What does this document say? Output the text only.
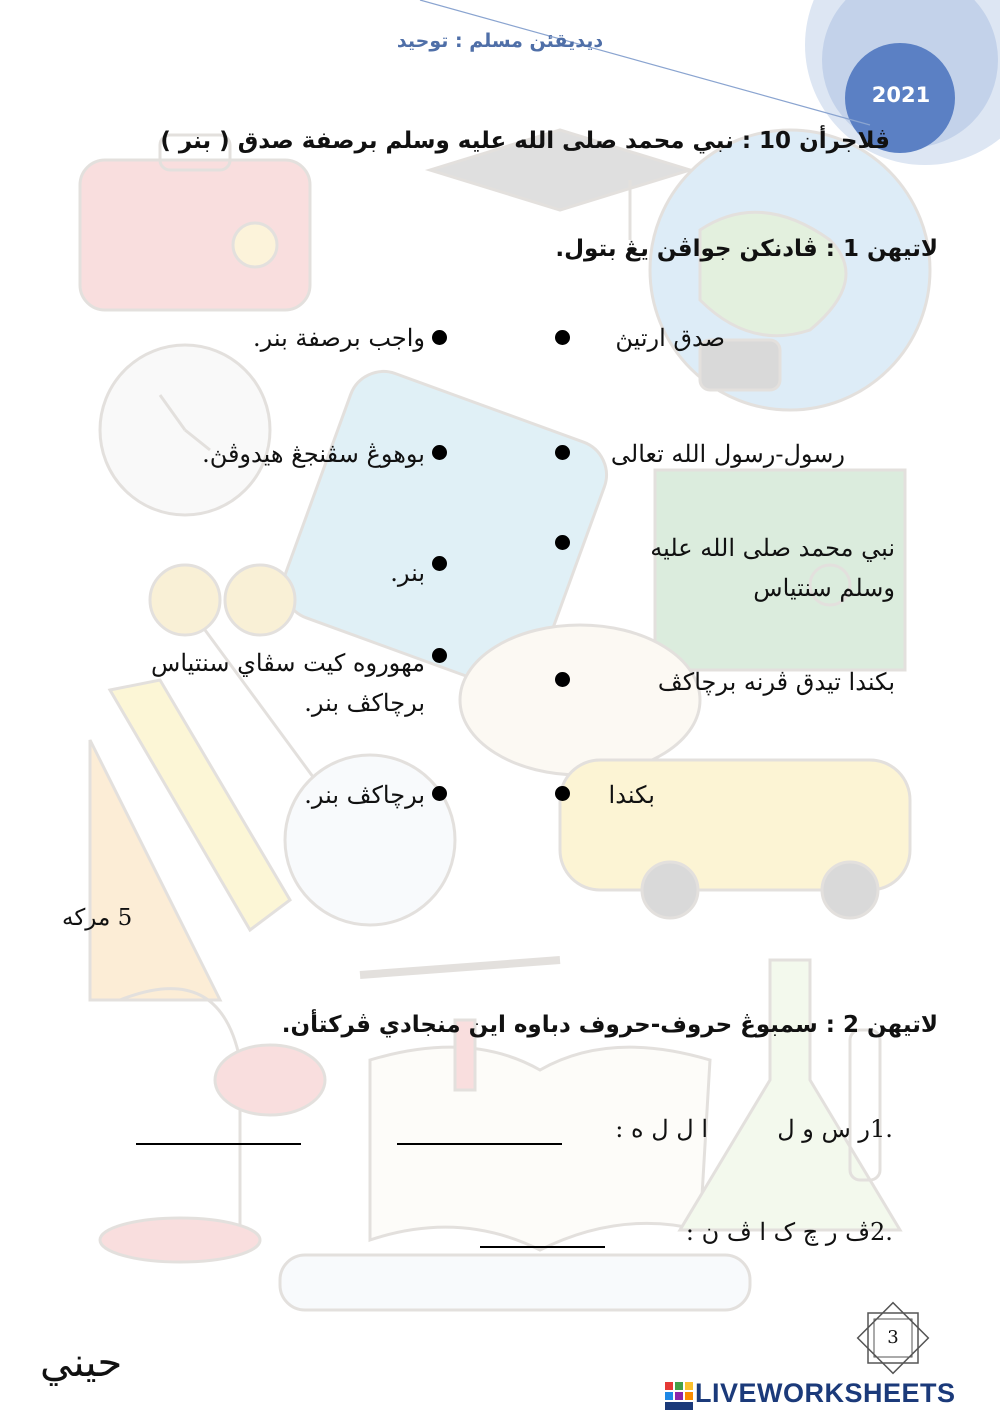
ديديقئن مسلم : توحيد
2021
ڤلاجرأن 10 : نبي محمد صلى الله عليه وسلم برصفة صدق ( بنر )
لاتيهن 1 : ڤادنكن جواڤن يڠ بتول.
صدق ارتيڽ
رسول-رسول الله تعالى
نبي محمد صلى الله عليه وسلم سنتياس
بكندا تيدق ڤرنه برچاكڤ
بكندا
واجب برصفة بنر.
بوهوڠ سڤنجڠ هيدوڤڽ.
بنر.
مهوروه كيت سڤاي سنتياس برچاكڤ بنر.
برچاكڤ بنر.
5 مركه
لاتيهن 2 : سمبوڠ حروف-حروف دباوه اين منجادي ڤركتأن.
1.
ر س و ل
ا ل ل ه :
2.
ڤ ر چ ک ا ڤ ن :
3
حيني
LIVEWORKSHEETS
